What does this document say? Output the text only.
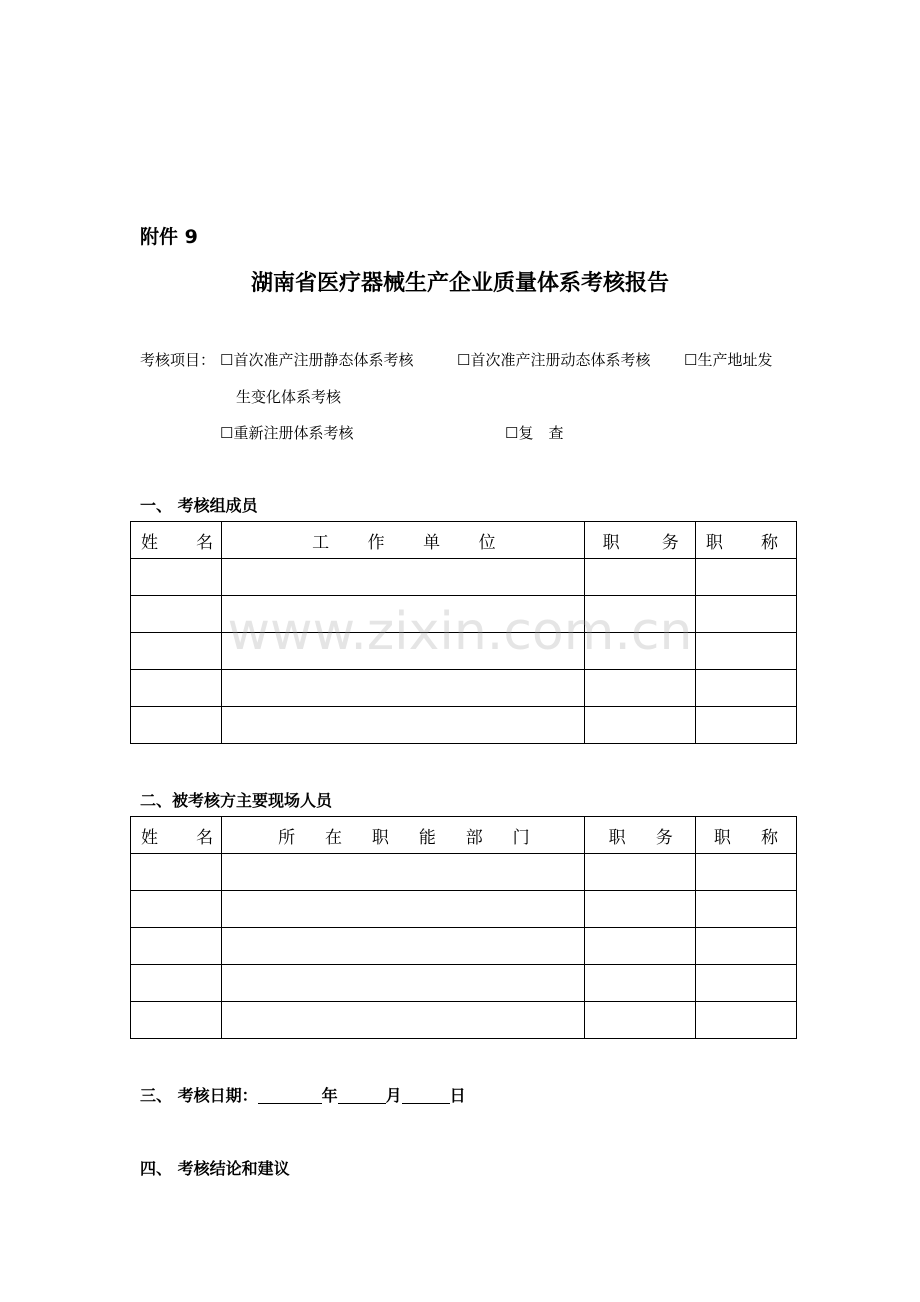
附件 9
湖南省医疗器械生产企业质量体系考核报告
考核项目： ☐首次准产注册静态体系考核	☐首次准产注册动态体系考核 ☐生产地址发
生变化体系考核
☐重新注册体系考核	☐复　查
一、 考核组成员
姓名	工作单位	职务	职称

www.zixin.com.cn
二、被考核方主要现场人员
姓名	所在职能部门	职务	职称

三、 考核日期：	年	月	日
四、 考核结论和建议
